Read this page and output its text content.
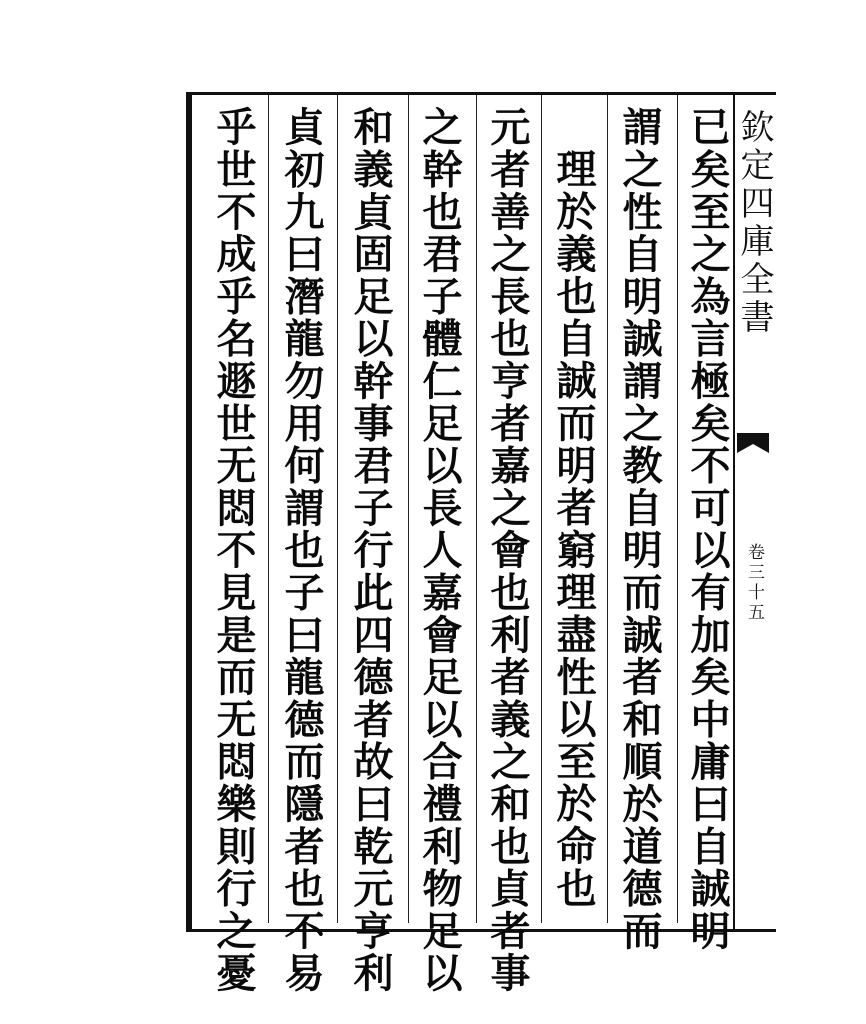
欽定四庫全書
卷三十五
已矣至之為言極矣不可以有加矣中庸曰自誠明
謂之性自明誠謂之教自明而誠者和順於道德而
理於義也自誠而明者窮理盡性以至於命也
元者善之長也亨者嘉之會也利者義之和也貞者事
之幹也君子體仁足以長人嘉會足以合禮利物足以
和義貞固足以幹事君子行此四德者故曰乾元亨利
貞初九曰潛龍勿用何謂也子曰龍德而隱者也不易
乎世不成乎名遯世无悶不見是而无悶樂則行之憂
